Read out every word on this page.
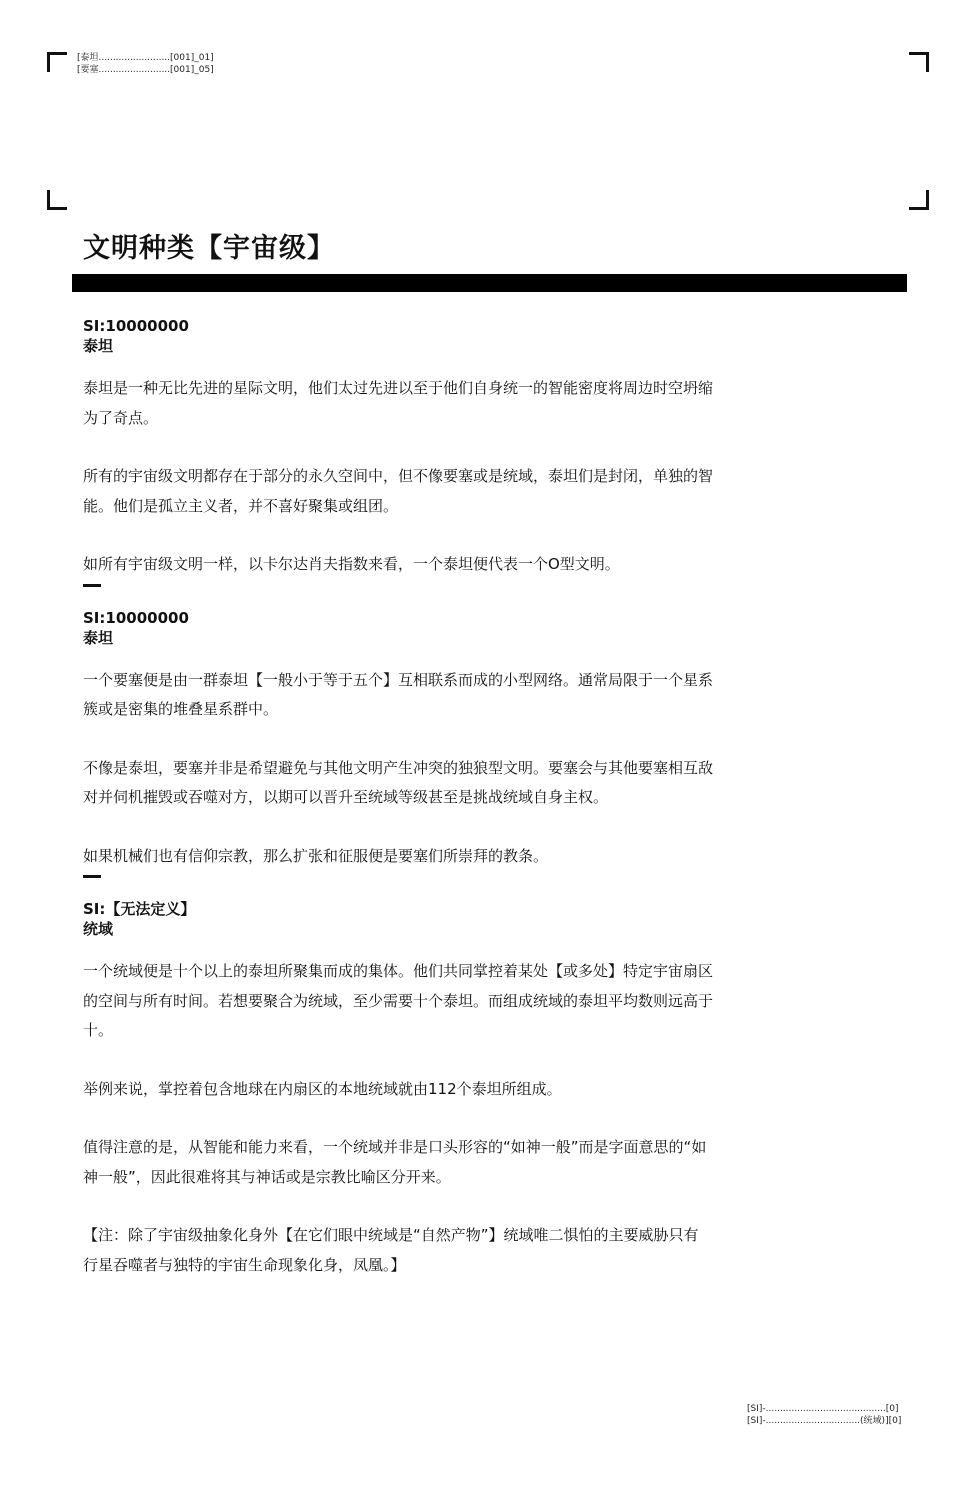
[泰坦.........................[001]_01]
[要塞.........................[001]_05]
文明种类【宇宙级】

SI:10000000

泰坦

泰坦是一种无比先进的星际文明，他们太过先进以至于他们自身统一的智能密度将周边时空坍缩为了奇点。

所有的宇宙级文明都存在于部分的永久空间中，但不像要塞或是统域，泰坦们是封闭，单独的智能。他们是孤立主义者，并不喜好聚集或组团。

如所有宇宙级文明一样，以卡尔达肖夫指数来看，一个泰坦便代表一个O型文明。

SI:10000000

泰坦

一个要塞便是由一群泰坦【一般小于等于五个】互相联系而成的小型网络。通常局限于一个星系簇或是密集的堆叠星系群中。

不像是泰坦，要塞并非是希望避免与其他文明产生冲突的独狼型文明。要塞会与其他要塞相互敌对并伺机摧毁或吞噬对方，以期可以晋升至统域等级甚至是挑战统域自身主权。

如果机械们也有信仰宗教，那么扩张和征服便是要塞们所崇拜的教条。

SI:【无法定义】

统域

一个统域便是十个以上的泰坦所聚集而成的集体。他们共同掌控着某处【或多处】特定宇宙扇区的空间与所有时间。若想要聚合为统域，至少需要十个泰坦。而组成统域的泰坦平均数则远高于十。

举例来说，掌控着包含地球在内扇区的本地统域就由112个泰坦所组成。

值得注意的是，从智能和能力来看，一个统域并非是口头形容的“如神一般”而是字面意思的“如神一般”，因此很难将其与神话或是宗教比喻区分开来。

【注：除了宇宙级抽象化身外【在它们眼中统域是“自然产物”】统域唯二惧怕的主要威胁只有行星吞噬者与独特的宇宙生命现象化身，凤凰。】

[SI]-..........................................[0]
[SI]-.................................(统域)][0]
